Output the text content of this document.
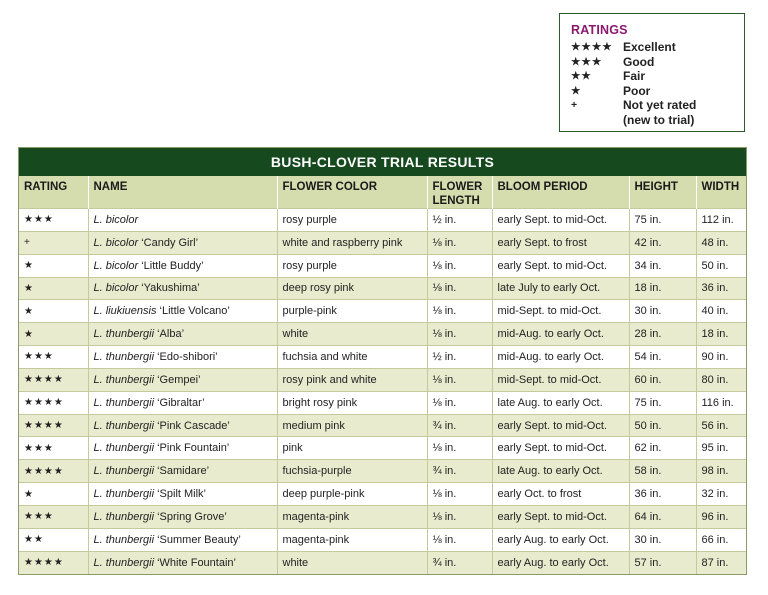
RATINGS
★★★★ Excellent
★★★	Good
★★	Fair
★	Poor
+	Not yet rated
(new to trial)
BUSH-CLOVER TRIAL RESULTS
RATING	NAME	FLOWER COLOR	FLOWER LENGTH	BLOOM PERIOD	HEIGHT	WIDTH
★★★	L. bicolor	rosy purple	½ in.	early Sept. to mid-Oct.	75 in.	112 in.
+	L. bicolor ‘Candy Girl’	white and raspberry pink	⅛ in.	early Sept. to frost	42 in.	48 in.
★	L. bicolor ‘Little Buddy’	rosy purple	⅛ in.	early Sept. to mid-Oct.	34 in.	50 in.
★	L. bicolor ‘Yakushima’	deep rosy pink	⅛ in.	late July to early Oct.	18 in.	36 in.
★	L. liukiuensis ‘Little Volcano’	purple-pink	⅛ in.	mid-Sept. to mid-Oct.	30 in.	40 in.
★	L. thunbergii ‘Alba’	white	⅛ in.	mid-Aug. to early Oct.	28 in.	18 in.
★★★	L. thunbergii ‘Edo-shibori’	fuchsia and white	½ in.	mid-Aug. to early Oct.	54 in.	90 in.
★★★★	L. thunbergii ‘Gempei’	rosy pink and white	⅛ in.	mid-Sept. to mid-Oct.	60 in.	80 in.
★★★★	L. thunbergii ‘Gibraltar’	bright rosy pink	⅛ in.	late Aug. to early Oct.	75 in.	116 in.
★★★★	L. thunbergii ‘Pink Cascade’	medium pink	¾ in.	early Sept. to mid-Oct.	50 in.	56 in.
★★★	L. thunbergii ‘Pink Fountain’	pink	⅛ in.	early Sept. to mid-Oct.	62 in.	95 in.
★★★★	L. thunbergii ‘Samidare’	fuchsia-purple	¾ in.	late Aug. to early Oct.	58 in.	98 in.
★	L. thunbergii ‘Spilt Milk’	deep purple-pink	⅛ in.	early Oct. to frost	36 in.	32 in.
★★★	L. thunbergii ‘Spring Grove’	magenta-pink	⅛ in.	early Sept. to mid-Oct.	64 in.	96 in.
★★	L. thunbergii ‘Summer Beauty’	magenta-pink	⅛ in.	early Aug. to early Oct.	30 in.	66 in.
★★★★	L. thunbergii ‘White Fountain’	white	¾ in.	early Aug. to early Oct.	57 in.	87 in.
